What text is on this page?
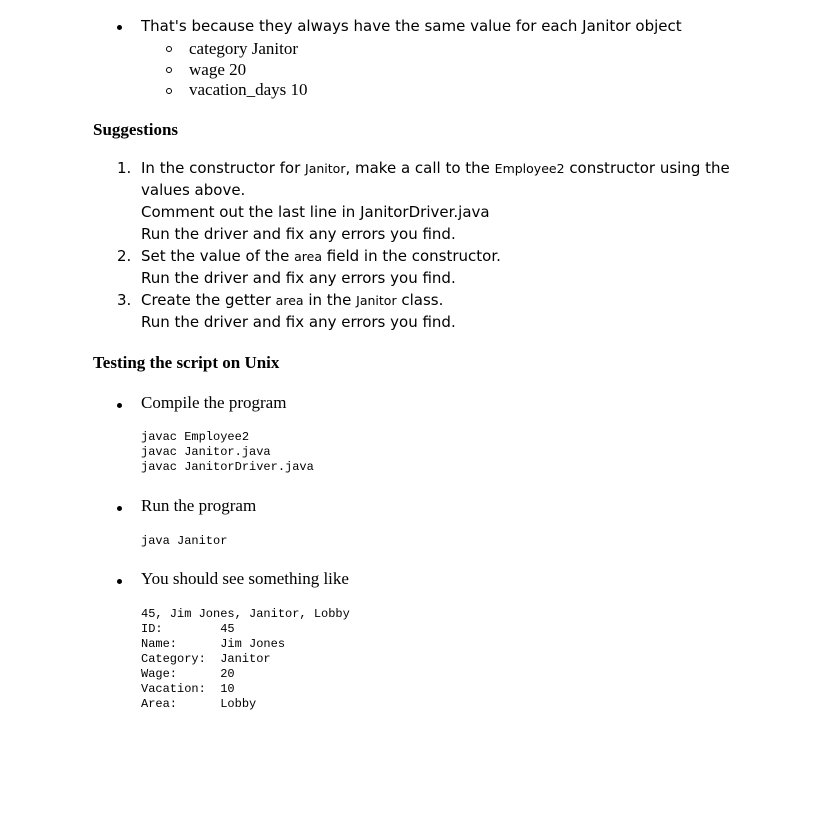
That's because they always have the same value for each Janitor object

category Janitor

wage 20

vacation_days 10

Suggestions

1. In the constructor for Janitor, make a call to the Employee2 constructor using the

values above.

Comment out the last line in JanitorDriver.java

Run the driver and fix any errors you find.

2. Set the value of the area field in the constructor.

Run the driver and fix any errors you find.

3. Create the getter area in the Janitor class.

Run the driver and fix any errors you find.

Testing the script on Unix

Compile the program

javac Employee2
javac Janitor.java
javac JanitorDriver.java

Run the program

java Janitor

You should see something like

45, Jim Jones, Janitor, Lobby
ID:        45
Name:      Jim Jones
Category:  Janitor
Wage:      20
Vacation:  10
Area:      Lobby
